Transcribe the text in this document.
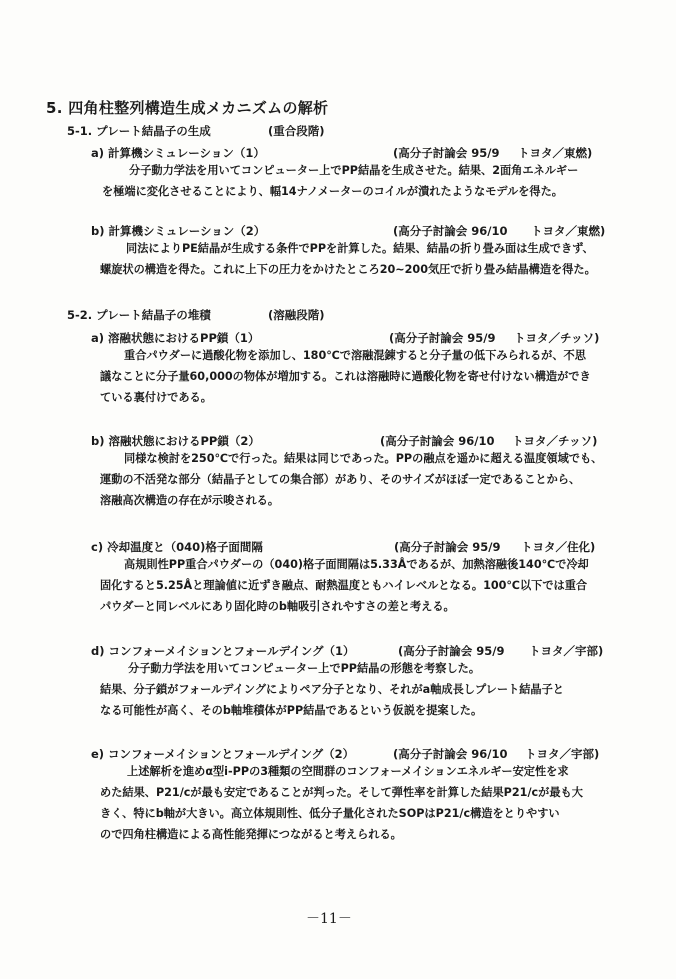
5. 四角柱整列構造生成メカニズムの解析
5-1. プレート結晶子の生成	(重合段階)
a) 計算機シミュレーション（1）	(高分子討論会 95/9 トヨタ／東燃)
分子動力学法を用いてコンピューター上でPP結晶を生成させた。結果、2面角エネルギー
を極端に変化させることにより、幅14ナノメーターのコイルが潰れたようなモデルを得た。
b) 計算機シミュレーション（2）	(高分子討論会 96/10 トヨタ／東燃)
同法によりPE結晶が生成する条件でPPを計算した。結果、結晶の折り畳み面は生成できず、
螺旋状の構造を得た。これに上下の圧力をかけたところ20~200気圧で折り畳み結晶構造を得た。
5-2. プレート結晶子の堆積	(溶融段階)
a) 溶融状態におけるPP鎖（1）	(高分子討論会 95/9 トヨタ／チッソ)
重合パウダーに過酸化物を添加し、180℃で溶融混錬すると分子量の低下みられるが、不思
議なことに分子量60,000の物体が増加する。これは溶融時に過酸化物を寄せ付けない構造ができ
ている裏付けである。
b) 溶融状態におけるPP鎖（2）	(高分子討論会 96/10 トヨタ／チッソ)
同様な検討を250℃で行った。結果は同じであった。PPの融点を遥かに超える温度領域でも、
運動の不活発な部分（結晶子としての集合部）があり、そのサイズがほぼ一定であることから、
溶融高次構造の存在が示唆される。
c) 冷却温度と（040)格子面間隔	(高分子討論会 95/9 トヨタ／住化)
高規則性PP重合パウダーの（040)格子面間隔は5.33Åであるが、加熱溶融後140℃で冷却
固化すると5.25Åと理論値に近ずき融点、耐熱温度ともハイレベルとなる。100℃以下では重合
パウダーと同レベルにあり固化時のb軸吸引されやすさの差と考える。
d) コンフォーメイションとフォールデイング（1）	(高分子討論会 95/9 トヨタ／宇部)
分子動力学法を用いてコンピューター上でPP結晶の形態を考察した。
結果、分子鎖がフォールデイングによりペア分子となり、それがa軸成長しプレート結晶子と
なる可能性が高く、そのb軸堆積体がPP結晶であるという仮説を提案した。
e) コンフォーメイションとフォールデイング（2）	(高分子討論会 96/10 トヨタ／宇部)
上述解析を進めα型i-PPの3種類の空間群のコンフォーメイションエネルギー安定性を求
めた結果、P21/cが最も安定であることが判った。そして弾性率を計算した結果P21/cが最も大
きく、特にb軸が大きい。高立体規則性、低分子量化されたSOPはP21/c構造をとりやすい
ので四角柱構造による高性能発揮につながると考えられる。
－11－
